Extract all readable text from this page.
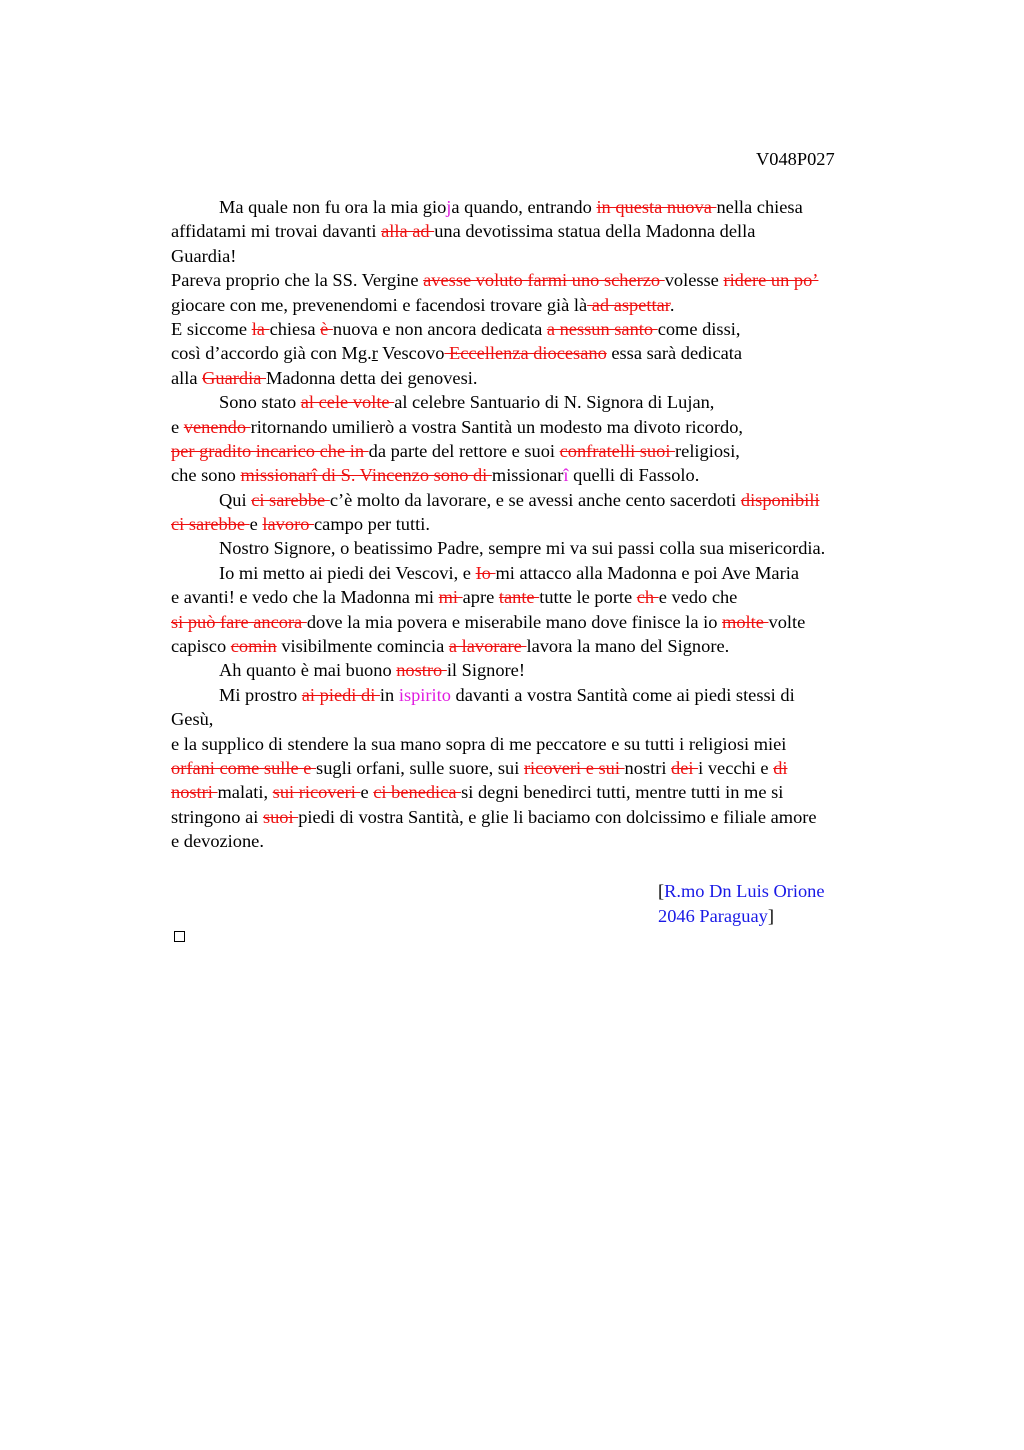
V048P027
Ma quale non fu ora la mia gioja quando, entrando in questa nuova nella chiesa
affidatami mi trovai davanti alla ad una devotissima statua della Madonna della
Guardia!
Pareva proprio che la SS. Vergine avesse voluto farmi uno scherzo volesse ridere un po’
giocare con me, prevenendomi e facendosi trovare già là ad aspettar.
E siccome la chiesa è nuova e non ancora dedicata a nessun santo come dissi,
così d’accordo già con Mg.r Vescovo Eccellenza diocesano essa sarà dedicata
alla Guardia Madonna detta dei genovesi.
Sono stato al cele volte al celebre Santuario di N. Signora di Lujan,
e venendo ritornando umilierò a vostra Santità un modesto ma divoto ricordo,
per gradito incarico che in da parte del rettore e suoi confratelli suoi religiosi,
che sono missionarî di S. Vincenzo sono di missionarî quelli di Fassolo.
Qui ci sarebbe c’è molto da lavorare, e se avessi anche cento sacerdoti disponibili
ci sarebbe e lavoro campo per tutti.
Nostro Signore, o beatissimo Padre, sempre mi va sui passi colla sua misericordia.
Io mi metto ai piedi dei Vescovi, e Io mi attacco alla Madonna e poi Ave Maria
e avanti! e vedo che la Madonna mi mi apre tante tutte le porte ch e vedo che
si può fare ancora dove la mia povera e miserabile mano dove finisce la io molte volte
capisco comin visibilmente comincia a lavorare lavora la mano del Signore.
Ah quanto è mai buono nostro il Signore!
Mi prostro ai piedi di in ispirito davanti a vostra Santità come ai piedi stessi di
Gesù,
e la supplico di stendere la sua mano sopra di me peccatore e su tutti i religiosi miei
orfani come sulle e sugli orfani, sulle suore, sui ricoveri e sui nostri dei i vecchi e di
nostri malati, sui ricoveri e ci benedica si degni benedirci tutti, mentre tutti in me si
stringono ai suoi piedi di vostra Santità, e glie li baciamo con dolcissimo e filiale amore
e devozione.
[R.mo Dn Luis Orione
2046 Paraguay]
